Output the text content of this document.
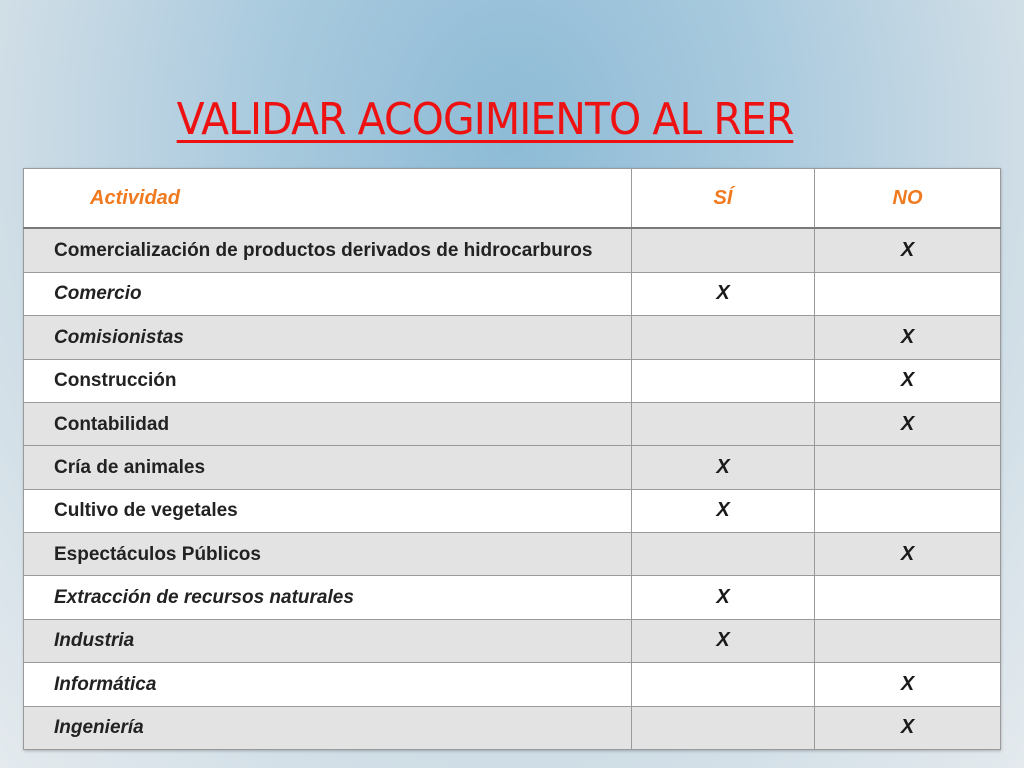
VALIDAR ACOGIMIENTO AL RER
Actividad	SÍ	NO
Comercialización de productos derivados de hidrocarburos		X
Comercio	X	
Comisionistas		X
Construcción		X
Contabilidad		X
Cría de animales	X	
Cultivo de vegetales	X	
Espectáculos Públicos		X
Extracción de recursos naturales	X	
Industria	X	
Informática		X
Ingeniería		X
